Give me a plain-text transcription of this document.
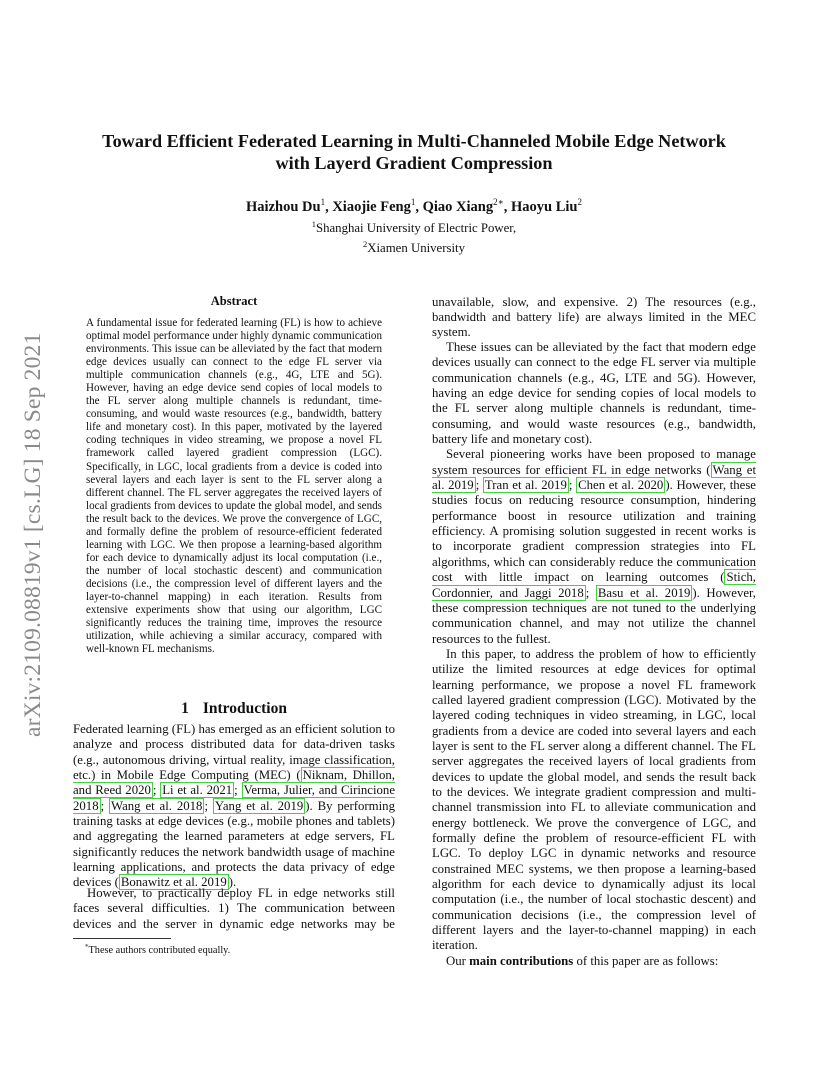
arXiv:2109.08819v1 [cs.LG] 18 Sep 2021
Toward Efficient Federated Learning in Multi-Channeled Mobile Edge Network
with Layerd Gradient Compression
Haizhou Du$^1$, Xiaojie Feng$^1$, Qiao Xiang$^{2∗}$, Haoyu Liu$^2$
$^1$Shanghai University of Electric Power,
$^2$Xiamen University
Abstract
A fundamental issue for federated learning (FL) is how to achieve optimal model performance under highly dynamic communication environments. This issue can be alleviated by the fact that modern edge devices usually can connect to the edge FL server via multiple communication channels (e.g., 4G, LTE and 5G). However, having an edge device send copies of local models to the FL server along multiple channels is redundant, time-consuming, and would waste resources (e.g., bandwidth, battery life and monetary cost). In this paper, motivated by the layered coding techniques in video streaming, we propose a novel FL framework called layered gradient compression (LGC). Specifically, in LGC, local gradients from a device is coded into several layers and each layer is sent to the FL server along a different channel. The FL server aggregates the received layers of local gradients from devices to update the global model, and sends the result back to the devices. We prove the convergence of LGC, and formally define the problem of resource-efficient federated learning with LGC. We then propose a learning-based algorithm for each device to dynamically adjust its local computation (i.e., the number of local stochastic descent) and communication decisions (i.e., the compression level of different layers and the layer-to-channel mapping) in each iteration. Results from extensive experiments show that using our algorithm, LGC significantly reduces the training time, improves the resource utilization, while achieving a similar accuracy, compared with well-known FL mechanisms.
1 Introduction

Federated learning (FL) has emerged as an efficient solution to analyze and process distributed data for data-driven tasks (e.g., autonomous driving, virtual reality, image classification, etc.) in Mobile Edge Computing (MEC) ( Niknam, Dhillon, and Reed 2020 ; Li et al. 2021 ; Verma, Julier, and Cirincione 2018 ; Wang et al. 2018 ; Yang et al. 2019 ). By performing training tasks at edge devices (e.g., mobile phones and tablets) and aggregating the learned parameters at edge servers, FL significantly reduces the network bandwidth usage of machine learning applications, and protects the data privacy of edge devices ( Bonawitz et al. 2019 ).

However, to practically deploy FL in edge networks still faces several difficulties. 1) The communication between devices and the server in dynamic edge networks may be

unavailable, slow, and expensive. 2) The resources (e.g., bandwidth and battery life) are always limited in the MEC system.

These issues can be alleviated by the fact that modern edge devices usually can connect to the edge FL server via multiple communication channels (e.g., 4G, LTE and 5G). However, having an edge device for sending copies of local models to the FL server along multiple channels is redundant, time-consuming, and would waste resources (e.g., bandwidth, battery life and monetary cost).

Several pioneering works have been proposed to manage system resources for efficient FL in edge networks ( Wang et al. 2019 ; Tran et al. 2019 ; Chen et al. 2020 ). However, these studies focus on reducing resource consumption, hindering performance boost in resource utilization and training efficiency. A promising solution suggested in recent works is to incorporate gradient compression strategies into FL algorithms, which can considerably reduce the communication cost with little impact on learning outcomes ( Stich, Cordonnier, and Jaggi 2018 ; Basu et al. 2019 ). However, these compression techniques are not tuned to the underlying communication channel, and may not utilize the channel resources to the fullest.

In this paper, to address the problem of how to efficiently utilize the limited resources at edge devices for optimal learning performance, we propose a novel FL framework called layered gradient compression (LGC). Motivated by the layered coding techniques in video streaming, in LGC, local gradients from a device are coded into several layers and each layer is sent to the FL server along a different channel. The FL server aggregates the received layers of local gradients from devices to update the global model, and sends the result back to the devices. We integrate gradient compression and multi-channel transmission into FL to alleviate communication and energy bottleneck. We prove the convergence of LGC, and formally define the problem of resource-efficient FL with LGC. To deploy LGC in dynamic networks and resource constrained MEC systems, we then propose a learning-based algorithm for each device to dynamically adjust its local computation (i.e., the number of local stochastic descent) and communication decisions (i.e., the compression level of different layers and the layer-to-channel mapping) in each iteration.

Our main contributions of this paper are as follows:

*These authors contributed equally.
